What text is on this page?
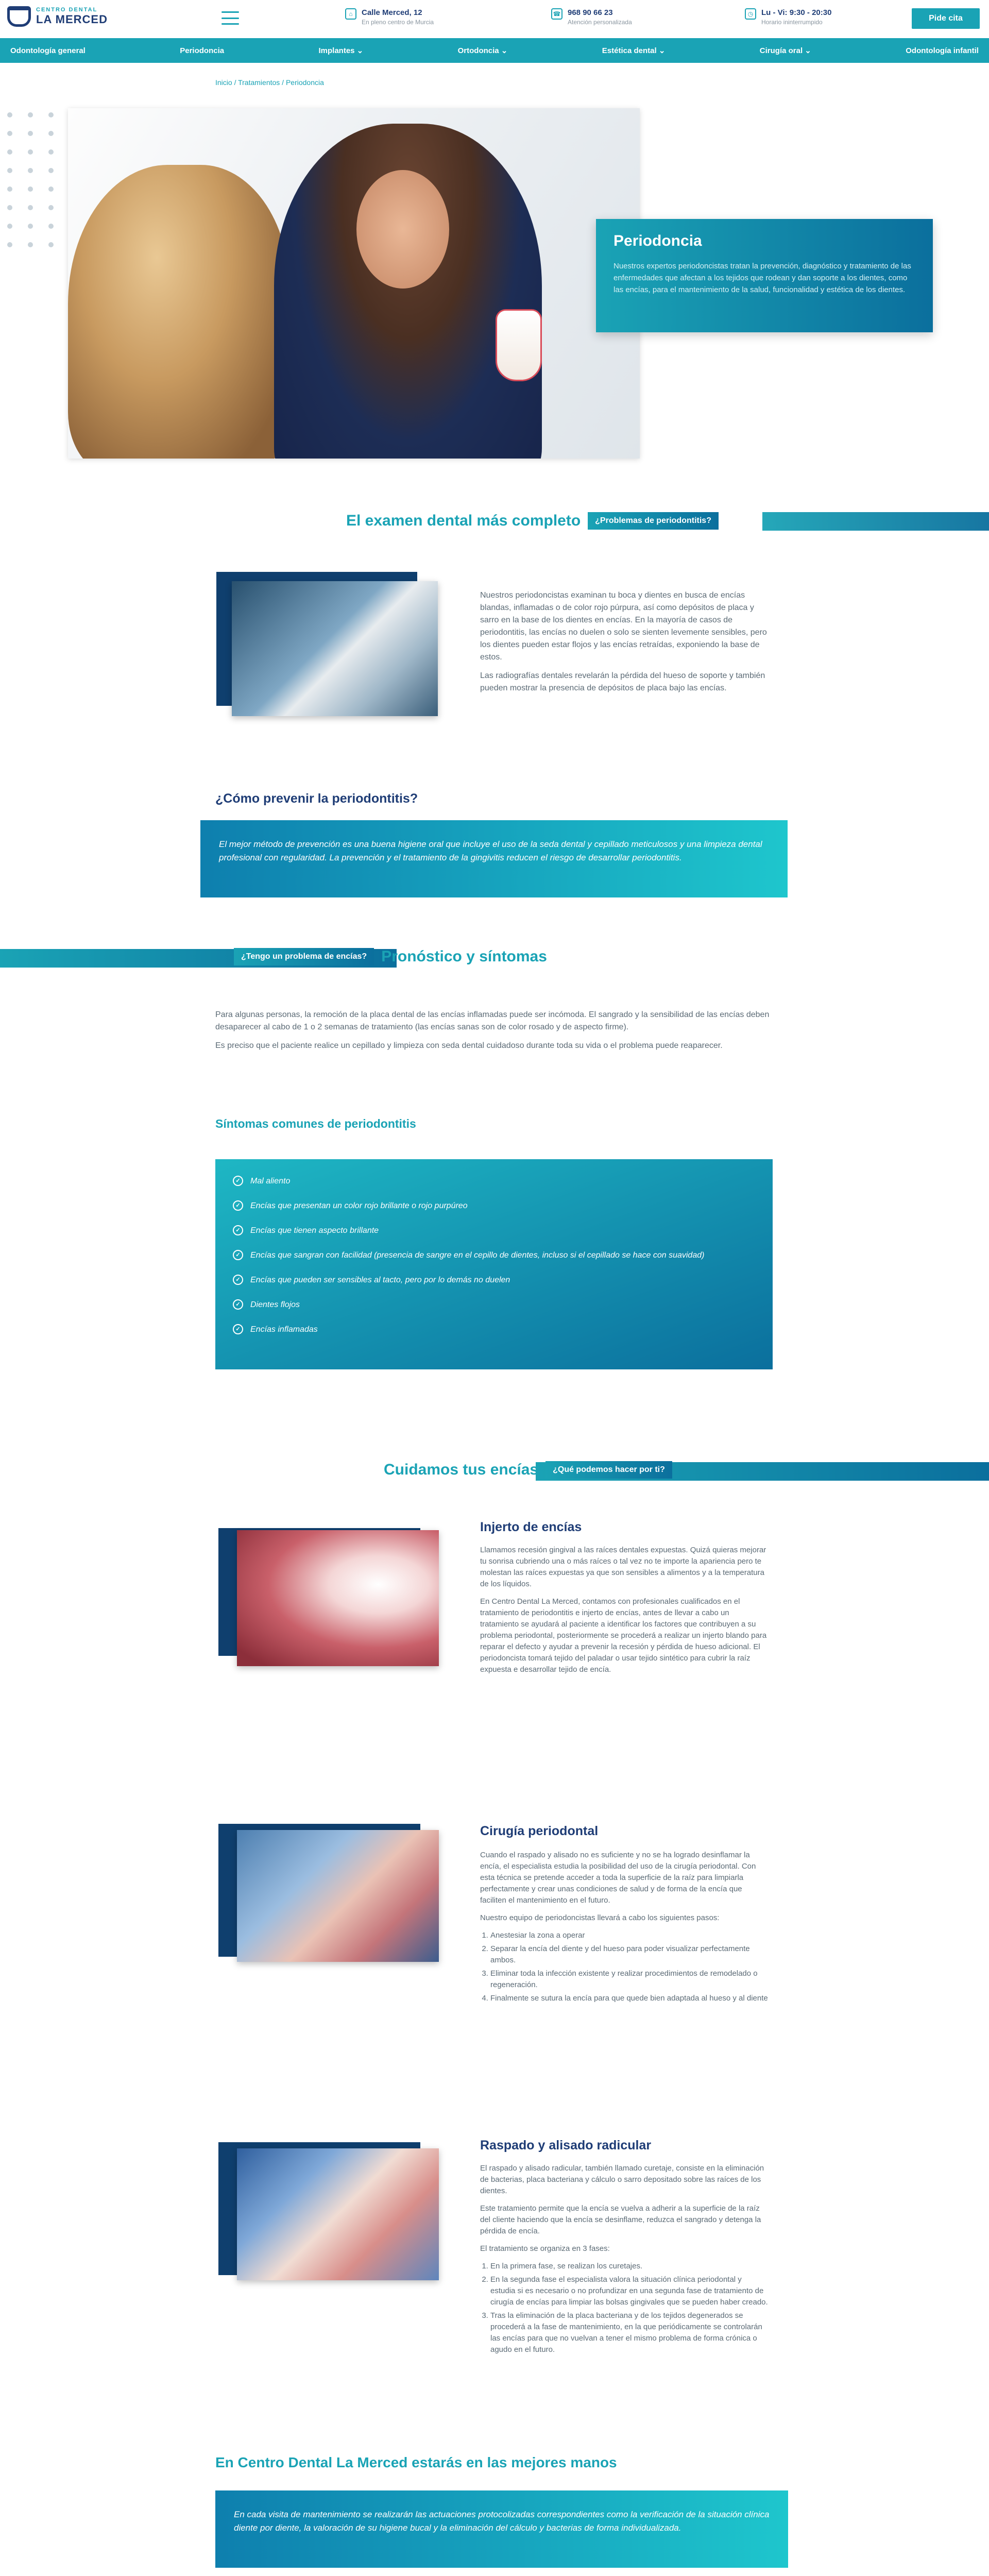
CENTRO DENTAL
LA MERCED	⌂	Calle Merced, 12
En pleno centro de Murcia
☎ 968 90 66 23
Atención personalizada
◷	Lu - Vi: 9:30 - 20:30
Horario ininterrumpido	Pide cita
Odontología general	Periodoncia	Implantes ⌄	Ortodoncia ⌄	Estética dental ⌄	Cirugía oral ⌄	Odontología infantil
Inicio / Tratamientos / Periodoncia
Periodoncia

Nuestros expertos periodoncistas tratan la prevención, diagnóstico y tratamiento de las enfermedades que afectan a los tejidos que rodean y dan soporte a los dientes, como las encías, para el mantenimiento de la salud, funcionalidad y estética de los dientes.

El examen dental más completo	¿Problemas de periodontitis?

Nuestros periodoncistas examinan tu boca y dientes en busca de encías blandas, inflamadas o de color rojo púrpura, así como depósitos de placa y sarro en la base de los dientes en encías. En la mayoría de casos de periodontitis, las encías no duelen o solo se sienten levemente sensibles, pero los dientes pueden estar flojos y las encías retraídas, exponiendo la base de estos.

Las radiografías dentales revelarán la pérdida del hueso de soporte y también pueden mostrar la presencia de depósitos de placa bajo las encías.

¿Cómo prevenir la periodontitis?
El mejor método de prevención es una buena higiene oral que incluye el uso de la seda dental y cepillado meticulosos y una limpieza dental profesional con regularidad. La prevención y el tratamiento de la gingivitis reducen el riesgo de desarrollar periodontitis.
¿Tengo un problema de encías? Pronóstico y síntomas

Para algunas personas, la remoción de la placa dental de las encías inflamadas puede ser incómoda. El sangrado y la sensibilidad de las encías deben desaparecer al cabo de 1 o 2 semanas de tratamiento (las encías sanas son de color rosado y de aspecto firme).

Es preciso que el paciente realice un cepillado y limpieza con seda dental cuidadoso durante toda su vida o el problema puede reaparecer.

Síntomas comunes de periodontitis
✓	Mal aliento
✓	Encías que presentan un color rojo brillante o rojo purpúreo
✓	Encías que tienen aspecto brillante
✓	Encías que sangran con facilidad (presencia de sangre en el cepillo de dientes, incluso si el cepillado se hace con suavidad)
✓	Encías que pueden ser sensibles al tacto, pero por lo demás no duelen
✓	Dientes flojos
✓	Encías inflamadas
Cuidamos tus encías	¿Qué podemos hacer por ti?
Injerto de encías

Llamamos recesión gingival a las raíces dentales expuestas. Quizá quieras mejorar tu sonrisa cubriendo una o más raíces o tal vez no te importe la apariencia pero te molestan las raíces expuestas ya que son sensibles a alimentos y a la temperatura de los líquidos.

En Centro Dental La Merced, contamos con profesionales cualificados en el tratamiento de periodontitis e injerto de encías, antes de llevar a cabo un tratamiento se ayudará al paciente a identificar los factores que contribuyen a su problema periodontal, posteriormente se procederá a realizar un injerto blando para reparar el defecto y ayudar a prevenir la recesión y pérdida de hueso adicional. El periodoncista tomará tejido del paladar o usar tejido sintético para cubrir la raíz expuesta e desarrollar tejido de encía.

Cirugía periodontal

Cuando el raspado y alisado no es suficiente y no se ha logrado desinflamar la encía, el especialista estudia la posibilidad del uso de la cirugía periodontal. Con esta técnica se pretende acceder a toda la superficie de la raíz para limpiarla perfectamente y crear unas condiciones de salud y de forma de la encía que faciliten el mantenimiento en el futuro.

Nuestro equipo de periodoncistas llevará a cabo los siguientes pasos:

1. Anestesiar la zona a operar
2. Separar la encía del diente y del hueso para poder visualizar perfectamente ambos.
3. Eliminar toda la infección existente y realizar procedimientos de remodelado o regeneración.
4. Finalmente se sutura la encía para que quede bien adaptada al hueso y al diente
Raspado y alisado radicular

El raspado y alisado radicular, también llamado curetaje, consiste en la eliminación de bacterias, placa bacteriana y cálculo o sarro depositado sobre las raíces de los dientes.

Este tratamiento permite que la encía se vuelva a adherir a la superficie de la raíz del cliente haciendo que la encía se desinflame, reduzca el sangrado y detenga la pérdida de encía.

El tratamiento se organiza en 3 fases:

1. En la primera fase, se realizan los curetajes.
2. En la segunda fase el especialista valora la situación clínica periodontal y estudia si es necesario o no profundizar en una segunda fase de tratamiento de cirugía de encías para limpiar las bolsas gingivales que se pueden haber creado.
3. Tras la eliminación de la placa bacteriana y de los tejidos degenerados se procederá a la fase de mantenimiento, en la que periódicamente se controlarán las encías para que no vuelvan a tener el mismo problema de forma crónica o agudo en el futuro.
En Centro Dental La Merced estarás en las mejores manos
En cada visita de mantenimiento se realizarán las actuaciones protocolizadas correspondientes como la verificación de la situación clínica diente por diente, la valoración de su higiene bucal y la eliminación del cálculo y bacterias de forma individualizada.
